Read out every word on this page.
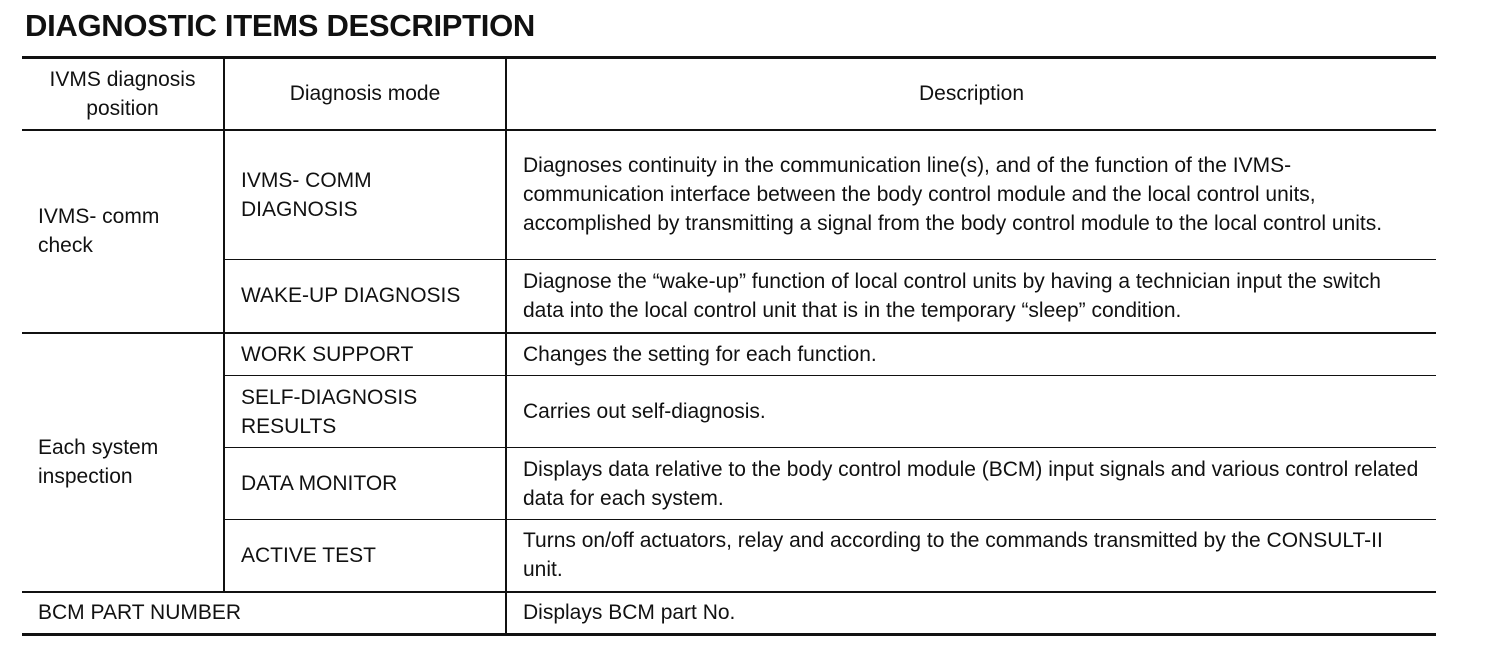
DIAGNOSTIC ITEMS DESCRIPTION
IVMS diagnosis position	Diagnosis mode	Description
IVMS- comm check	IVMS- COMM DIAGNOSIS	Diagnoses continuity in the communication line(s), and of the function of the IVMS-communication interface between the body control module and the local control units, accomplished by transmitting a signal from the body control module to the local control units.
	WAKE-UP DIAGNOSIS	Diagnose the “wake-up” function of local control units by having a technician input the switch data into the local control unit that is in the temporary “sleep” condition.
Each system inspection	WORK SUPPORT	Changes the setting for each function.
	SELF-DIAGNOSIS RESULTS	Carries out self-diagnosis.
	DATA MONITOR	Displays data relative to the body control module (BCM) input signals and various control related data for each system.
	ACTIVE TEST	Turns on/off actuators, relay and according to the commands transmitted by the CONSULT-II unit.
BCM PART NUMBER		Displays BCM part No.
